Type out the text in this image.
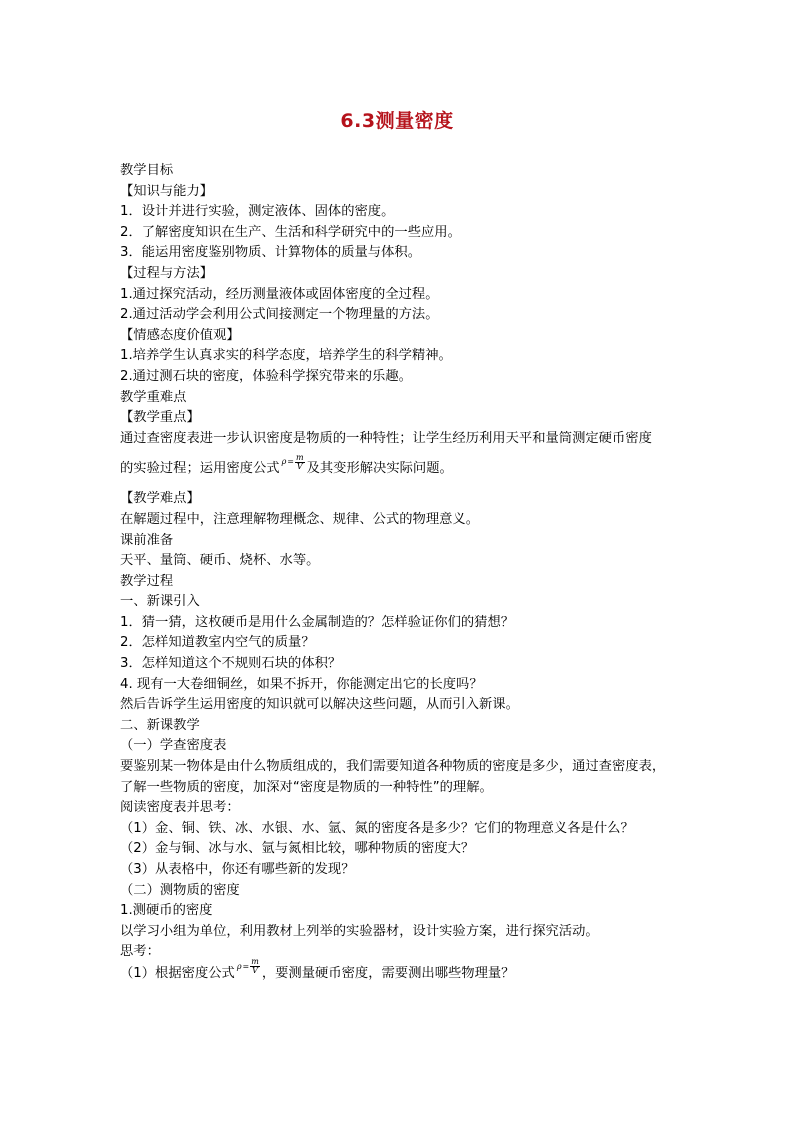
6.3测量密度
教学目标
【知识与能力】
1．设计并进行实验，测定液体、固体的密度。
2．了解密度知识在生产、生活和科学研究中的一些应用。
3．能运用密度鉴别物质、计算物体的质量与体积。
【过程与方法】
1.通过探究活动，经历测量液体或固体密度的全过程。
2.通过活动学会利用公式间接测定一个物理量的方法。
【情感态度价值观】
1.培养学生认真求实的科学态度，培养学生的科学精神。
2.通过测石块的密度，体验科学探究带来的乐趣。
教学重难点
【教学重点】
通过查密度表进一步认识密度是物质的一种特性；让学生经历利用天平和量筒测定硬币密度
的实验过程；运用密度公式 $\rho= \frac{m}{V}$ 及其变形解决实际问题。
【教学难点】
在解题过程中，注意理解物理概念、规律、公式的物理意义。
课前准备
天平、量筒、硬币、烧杯、水等。
教学过程
一、新课引入
1．猜一猜，这枚硬币是用什么金属制造的？怎样验证你们的猜想？
2．怎样知道教室内空气的质量？
3．怎样知道这个不规则石块的体积？
4. 现有一大卷细铜丝，如果不拆开，你能测定出它的长度吗？
然后告诉学生运用密度的知识就可以解决这些问题，从而引入新课。
二、新课教学
（一）学查密度表
要鉴别某一物体是由什么物质组成的，我们需要知道各种物质的密度是多少，通过查密度表，
了解一些物质的密度，加深对“密度是物质的一种特性”的理解。
阅读密度表并思考：
（1）金、铜、铁、冰、水银、水、氩、氮的密度各是多少？它们的物理意义各是什么？
（2）金与铜、冰与水、氩与氮相比较，哪种物质的密度大？
（3）从表格中，你还有哪些新的发现？
（二）测物质的密度
1.测硬币的密度
以学习小组为单位，利用教材上列举的实验器材，设计实验方案，进行探究活动。
思考：
（1）根据密度公式 $\rho= \frac{m}{V}$ ，要测量硬币密度，需要测出哪些物理量？
